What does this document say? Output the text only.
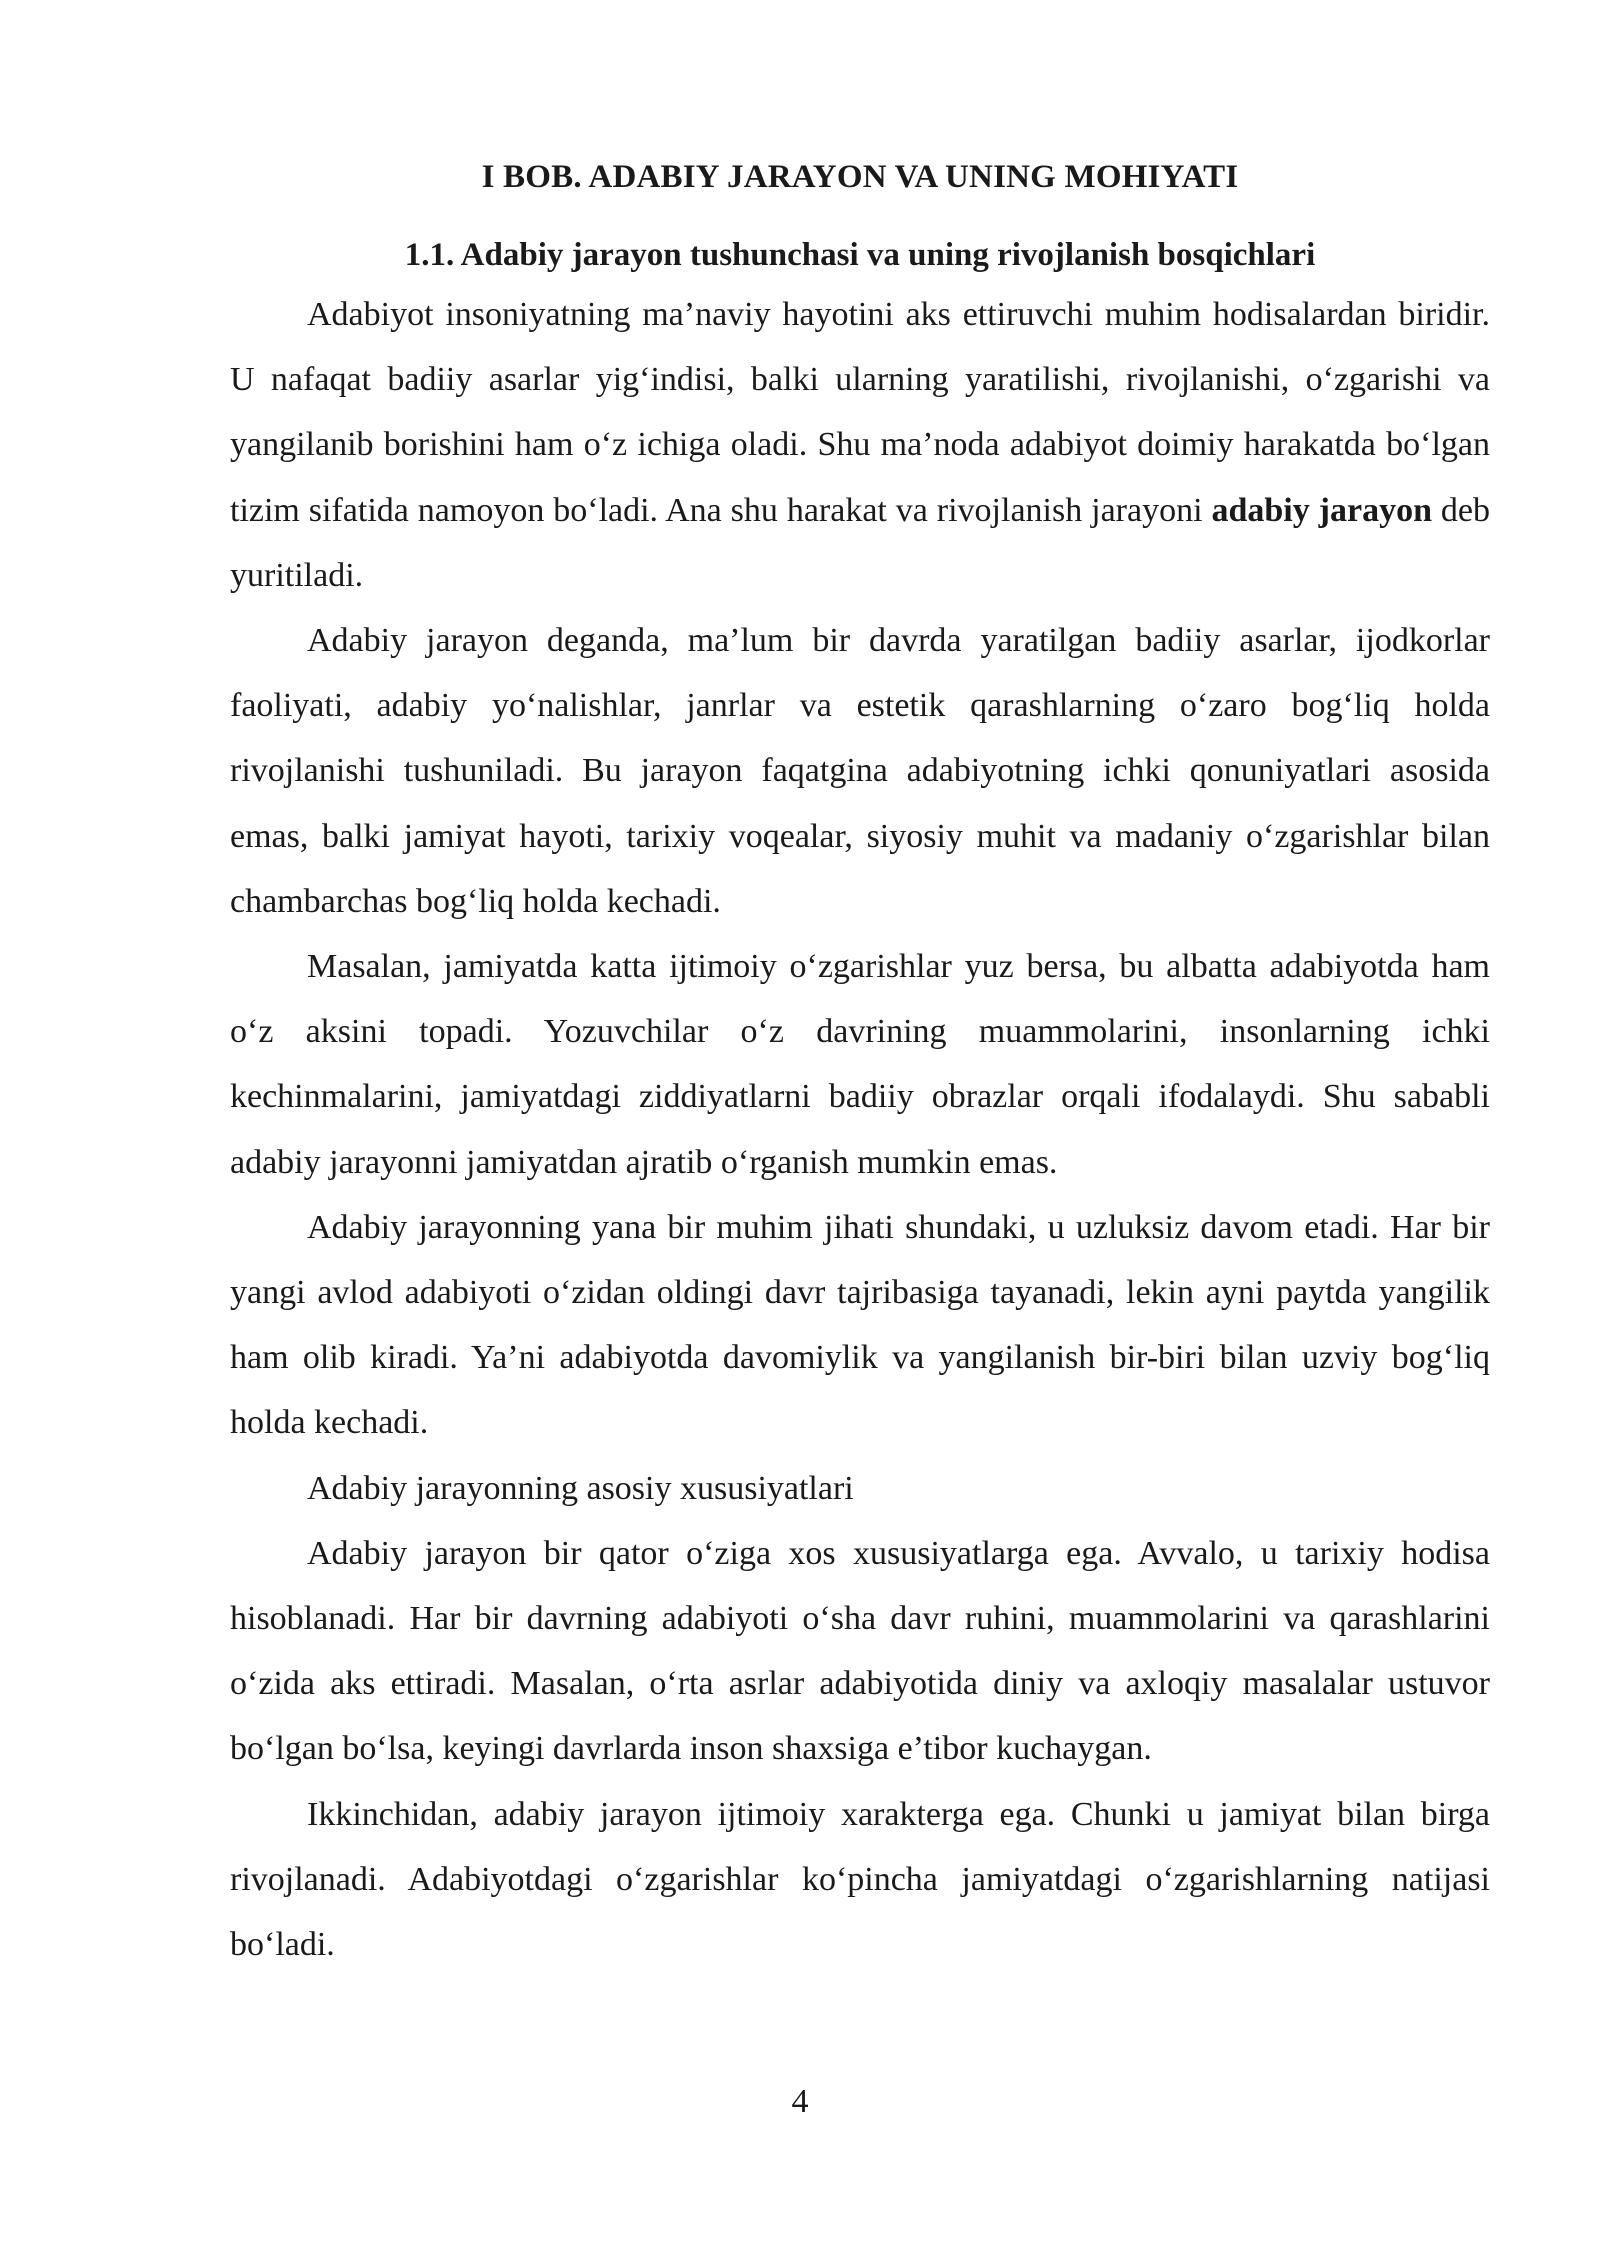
I BOB. ADABIY JARAYON VA UNING MOHIYATI
1.1. Adabiy jarayon tushunchasi va uning rivojlanish bosqichlari

Adabiyot insoniyatning ma’naviy hayotini aks ettiruvchi muhim hodisalardan biridir. U nafaqat badiiy asarlar yig‘indisi, balki ularning yaratilishi, rivojlanishi, o‘zgarishi va yangilanib borishini ham o‘z ichiga oladi. Shu ma’noda adabiyot doimiy harakatda bo‘lgan tizim sifatida namoyon bo‘ladi. Ana shu harakat va rivojlanish jarayoni adabiy jarayon deb yuritiladi.

Adabiy jarayon deganda, ma’lum bir davrda yaratilgan badiiy asarlar, ijodkorlar faoliyati, adabiy yo‘nalishlar, janrlar va estetik qarashlarning o‘zaro bog‘liq holda rivojlanishi tushuniladi. Bu jarayon faqatgina adabiyotning ichki qonuniyatlari asosida emas, balki jamiyat hayoti, tarixiy voqealar, siyosiy muhit va madaniy o‘zgarishlar bilan chambarchas bog‘liq holda kechadi.

Masalan, jamiyatda katta ijtimoiy o‘zgarishlar yuz bersa, bu albatta adabiyotda ham o‘z aksini topadi. Yozuvchilar o‘z davrining muammolarini, insonlarning ichki kechinmalarini, jamiyatdagi ziddiyatlarni badiiy obrazlar orqali ifodalaydi. Shu sababli adabiy jarayonni jamiyatdan ajratib o‘rganish mumkin emas.

Adabiy jarayonning yana bir muhim jihati shundaki, u uzluksiz davom etadi. Har bir yangi avlod adabiyoti o‘zidan oldingi davr tajribasiga tayanadi, lekin ayni paytda yangilik ham olib kiradi. Ya’ni adabiyotda davomiylik va yangilanish bir-biri bilan uzviy bog‘liq holda kechadi.

Adabiy jarayonning asosiy xususiyatlari

Adabiy jarayon bir qator o‘ziga xos xususiyatlarga ega. Avvalo, u tarixiy hodisa hisoblanadi. Har bir davrning adabiyoti o‘sha davr ruhini, muammolarini va qarashlarini o‘zida aks ettiradi. Masalan, o‘rta asrlar adabiyotida diniy va axloqiy masalalar ustuvor bo‘lgan bo‘lsa, keyingi davrlarda inson shaxsiga e’tibor kuchaygan.

Ikkinchidan, adabiy jarayon ijtimoiy xarakterga ega. Chunki u jamiyat bilan birga rivojlanadi. Adabiyotdagi o‘zgarishlar ko‘pincha jamiyatdagi o‘zgarishlarning natijasi bo‘ladi.

4
